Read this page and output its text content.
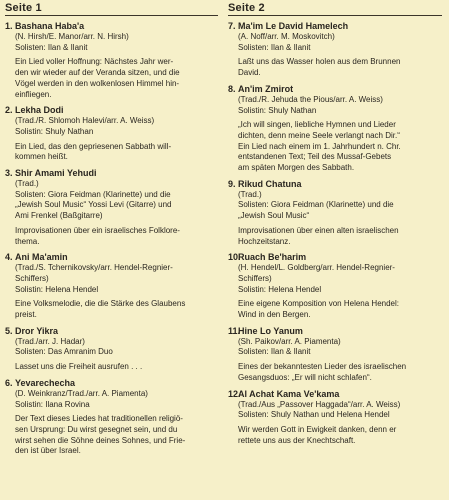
Seite 1
1. Bashana Haba'a
(N. Hirsh/E. Manor/arr. N. Hirsh)
Solisten: Ilan & Ilanit
Ein Lied voller Hoffnung: Nächstes Jahr wer-
den wir wieder auf der Veranda sitzen, und die
Vögel werden in den wolkenlosen Himmel hin-
einfliegen.
2. Lekha Dodi
(Trad./R. Shlomoh Halevi/arr. A. Weiss)
Solistin: Shuly Nathan
Ein Lied, das den gepriesenen Sabbath will-
kommen heißt.
3. Shir Amami Yehudi
(Trad.)
Solisten: Giora Feidman (Klarinette) und die
„Jewish Soul Music“ Yossi Levi (Gitarre) und
Ami Frenkel (Baßgitarre)
Improvisationen über ein israelisches Folklore-
thema.
4. Ani Ma'amin
(Trad./S. Tchernikovsky/arr. Hendel-Regnier-
Schiffers)
Solistin: Helena Hendel
Eine Volksmelodie, die die Stärke des Glaubens
preist.
5. Dror Yikra
(Trad./arr. J. Hadar)
Solisten: Das Amranim Duo
Lasset uns die Freiheit ausrufen . . .
6. Yevarechecha
(D. Weinkranz/Trad./arr. A. Piamenta)
Solistin: Ilana Rovina
Der Text dieses Liedes hat traditionellen religiö-
sen Ursprung: Du wirst gesegnet sein, und du
wirst sehen die Söhne deines Sohnes, und Frie-
den ist über Israel.
Seite 2
7. Ma'im Le David Hamelech
(A. Noff/arr. M. Moskovitch)
Solisten: Ilan & Ilanit
Laßt uns das Wasser holen aus dem Brunnen
David.
8. An'im Zmirot
(Trad./R. Jehuda the Pious/arr. A. Weiss)
Solistin: Shuly Nathan
„Ich will singen, liebliche Hymnen und Lieder
dichten, denn meine Seele verlangt nach Dir.“
Ein Lied nach einem im 1. Jahrhundert n. Chr.
entstandenen Text; Teil des Mussaf-Gebets
am späten Morgen des Sabbath.
9. Rikud Chatuna
(Trad.)
Solisten: Giora Feidman (Klarinette) und die
„Jewish Soul Music“
Improvisationen über einen alten israelischen
Hochzeitstanz.
10.Ruach Be'harim
(H. Hendel/L. Goldberg/arr. Hendel-Regnier-
Schiffers)
Solistin: Helena Hendel
Eine eigene Komposition von Helena Hendel:
Wind in den Bergen.
11.Hine Lo Yanum
(Sh. Paikov/arr. A. Piamenta)
Solisten: Ilan & Ilanit
Eines der bekanntesten Lieder des israelischen
Gesangsduos: „Er will nicht schlafen“.
12.Al Achat Kama Ve'kama
(Trad./Aus „Passover Haggada“/arr. A. Weiss)
Solisten: Shuly Nathan und Helena Hendel
Wir werden Gott in Ewigkeit danken, denn er
rettete uns aus der Knechtschaft.
